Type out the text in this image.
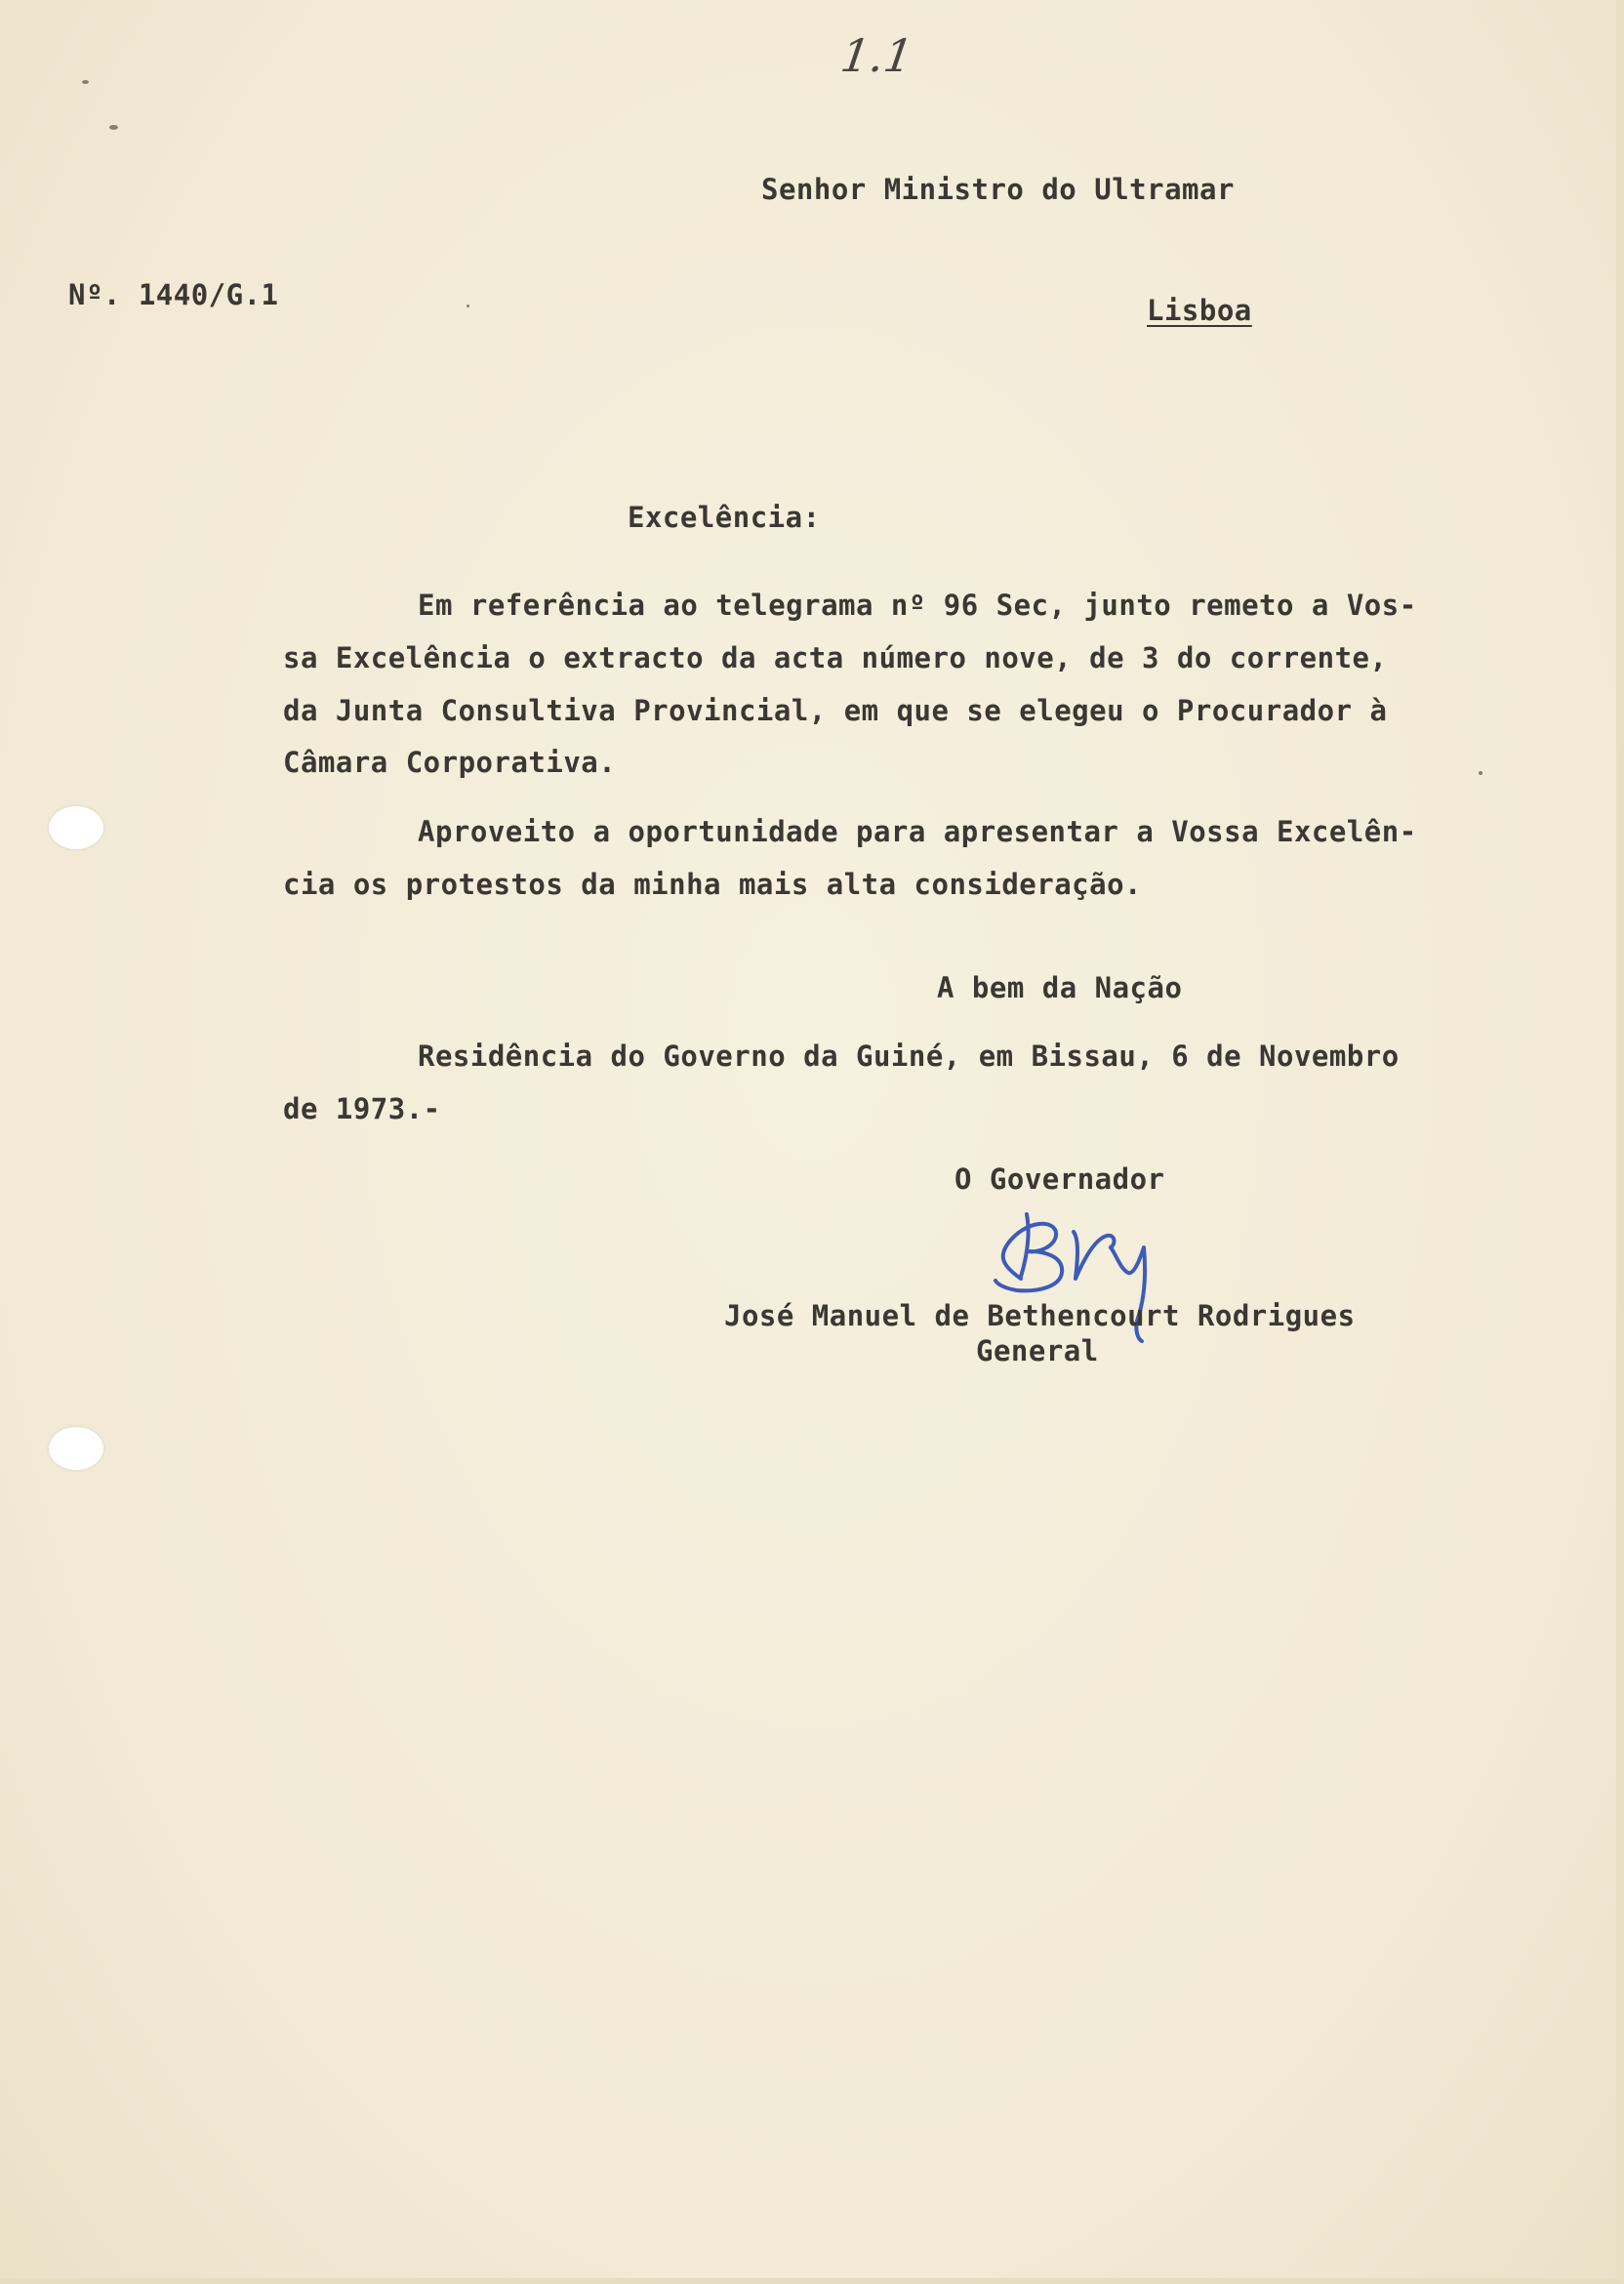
1.1
Senhor Ministro do Ultramar
Nº. 1440/G.1	Lisboa
Excelência:
Em referência ao telegrama nº 96 Sec, junto remeto a Vos-
sa Excelência o extracto da acta número nove, de 3 do corrente,
da Junta Consultiva Provincial, em que se elegeu o Procurador à
Câmara Corporativa.
Aproveito a oportunidade para apresentar a Vossa Excelên-
cia os protestos da minha mais alta consideração.
A bem da Nação
Residência do Governo da Guiné, em Bissau, 6 de Novembro
de 1973.-
O Governador
José Manuel de Bethencourt Rodrigues
General
